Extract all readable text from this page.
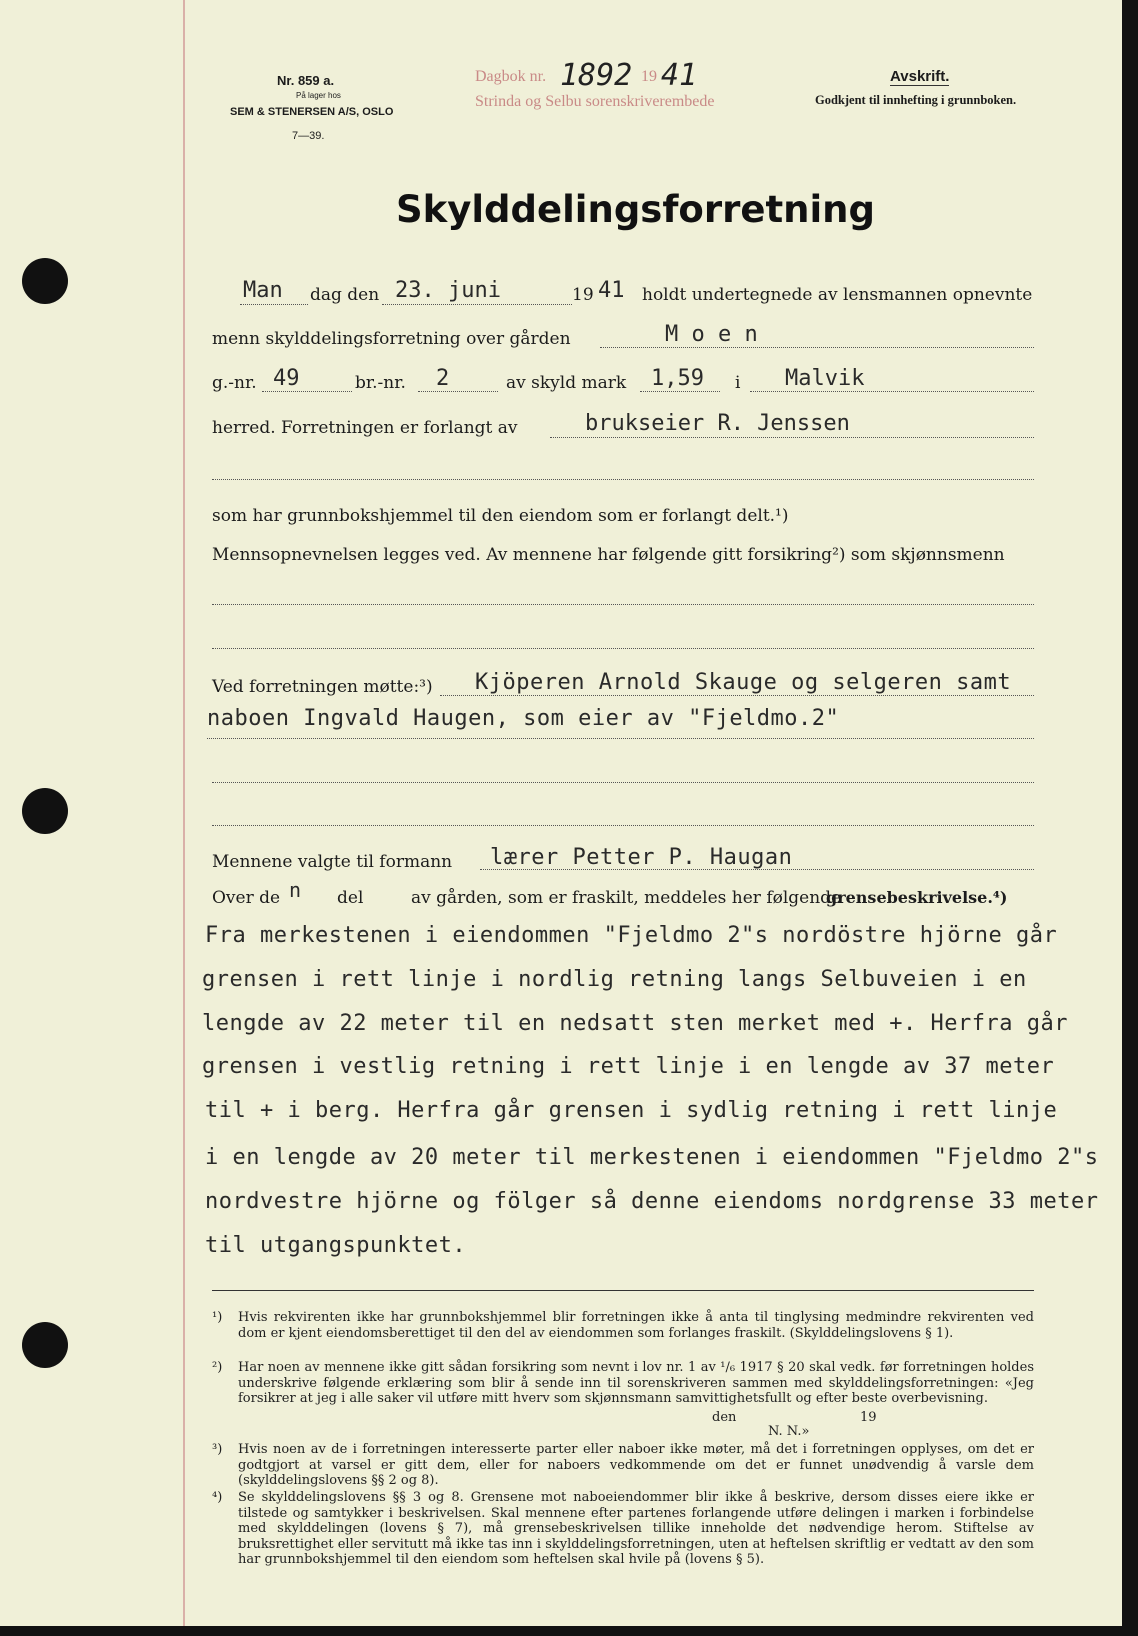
Nr. 859 a.
På lager hos
SEM & STENERSEN A/S, OSLO
7—39.
Dagbok nr. 1892 19 41
Strinda og Selbu sorenskriverembede
Avskrift.
Godkjent til innhefting i grunnboken.
Skylddelingsforretning
Man dag den 23. juni	19 41 holdt undertegnede av lensmannen opnevnte
menn skylddelingsforretning over gården	M o e n
g.-nr. 49	br.-nr. 2	av skyld mark 1,59 i Malvik
herred. Forretningen er forlangt av	brukseier R. Jenssen
som har grunnbokshjemmel til den eiendom som er forlangt delt.¹)
Mennsopnevnelsen legges ved. Av mennene har følgende gitt forsikring²) som skjønnsmenn
Ved forretningen møtte:³) Kjöperen Arnold Skauge og selgeren samt
naboen Ingvald Haugen, som eier av "Fjeldmo.2"
Mennene valgte til formann lærer Petter P. Haugan
Over de n del	av gården, som er fraskilt, meddeles her følgende
grensebeskrivelse.⁴)
Fra merkestenen i eiendommen "Fjeldmo 2"s nordöstre hjörne går
grensen i rett linje i nordlig retning langs Selbuveien i en
lengde av 22 meter til en nedsatt sten merket med +. Herfra går
grensen i vestlig retning i rett linje i en lengde av 37 meter
til + i berg. Herfra går grensen i sydlig retning i rett linje
i en lengde av 20 meter til merkestenen i eiendommen "Fjeldmo 2"s
nordvestre hjörne og fölger så denne eiendoms nordgrense 33 meter
til utgangspunktet.
¹) Hvis rekvirenten ikke har grunnbokshjemmel blir forretningen ikke å anta til tinglysing medmindre rekvirenten ved dom er kjent eiendomsberettiget til den del av eiendommen som forlanges fraskilt. (Skylddelingslovens § 1).
²) Har noen av mennene ikke gitt sådan forsikring som nevnt i lov nr. 1 av ¹/₆ 1917 § 20 skal vedk. før forretningen holdes underskrive følgende erklæring som blir å sende inn til sorenskriveren sammen med skylddelingsforretningen: «Jeg forsikrer at jeg i alle saker vil utføre mitt hverv som skjønnsmann samvittighetsfullt og efter beste overbevisning.
den	19
N. N.»
³) Hvis noen av de i forretningen interesserte parter eller naboer ikke møter, må det i forretningen opplyses, om det er godtgjort at varsel er gitt dem, eller for naboers vedkommende om det er funnet unødvendig å varsle dem (skylddelingslovens §§ 2 og 8).
⁴) Se skylddelingslovens §§ 3 og 8. Grensene mot naboeiendommer blir ikke å beskrive, dersom disses eiere ikke er tilstede og samtykker i beskrivelsen. Skal mennene efter partenes forlangende utføre delingen i marken i forbindelse med skylddelingen (lovens § 7), må grensebeskrivelsen tillike inneholde det nødvendige herom. Stiftelse av bruksrettighet eller servitutt må ikke tas inn i skylddelingsforretningen, uten at heftelsen skriftlig er vedtatt av den som har grunnbokshjemmel til den eiendom som heftelsen skal hvile på (lovens § 5).
